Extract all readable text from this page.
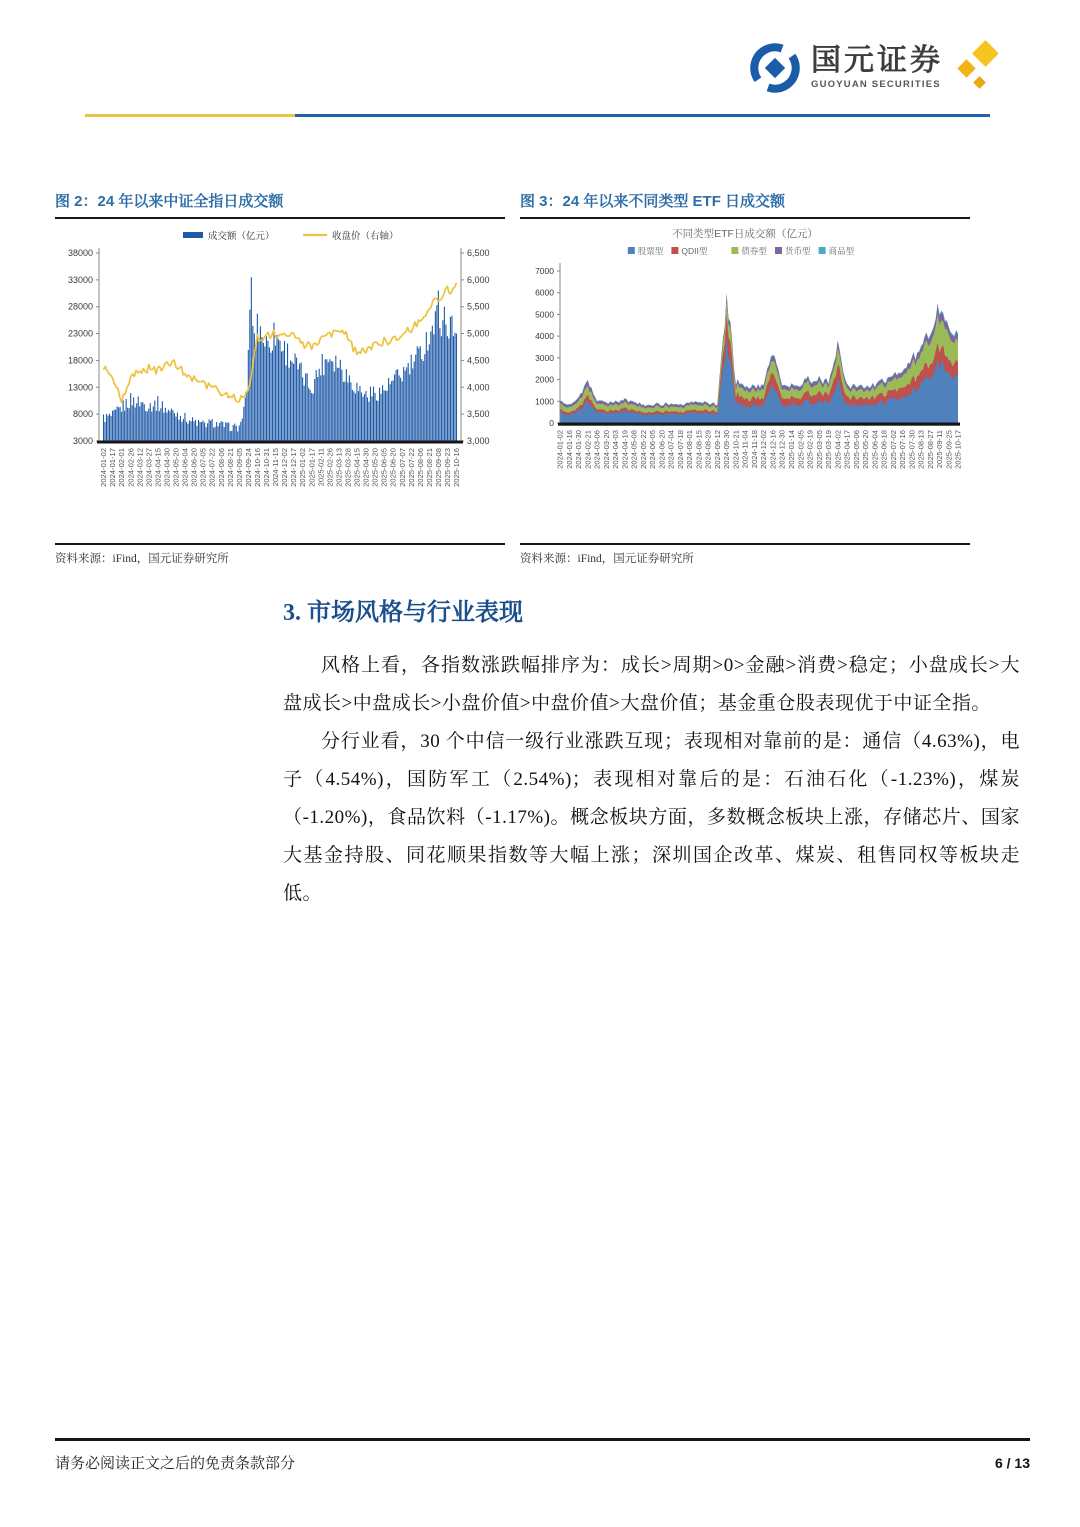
国元证券
GUOYUAN SECURITIES
图 2：24 年以来中证全指日成交额
3000
8000
13000
18000
23000
28000
33000
38000
3,000
3,500
4,000
4,500
5,000
5,500
6,000
6,500
2024-01-02 2024-01-17 2024-02-01 2024-02-26 2024-03-12 2024-03-27 2024-04-15 2024-04-30 2024-05-20 2024-06-04 2024-06-20 2024-07-05 2024-07-22 2024-08-06 2024-08-21 2024-09-05 2024-09-24 2024-10-16 2024-10-31 2024-11-15 2024-12-02 2024-12-17 2025-01-02 2025-01-17 2025-02-11 2025-02-26 2025-03-13 2025-03-28 2025-04-15 2025-04-30 2025-05-20 2025-06-05 2025-06-20 2025-07-07 2025-07-22 2025-08-06 2025-08-21 2025-09-08 2025-09-23 2025-10-16
成交额（亿元）	收盘价（右轴）
资料来源：iFind，国元证券研究所
图 3：24 年以来不同类型 ETF 日成交额
不同类型ETF日成交额（亿元）
股票型 QDII型	债券型 货币型 商品型
0
1000
2000
3000
4000
5000
6000
7000
2024-01-02 2024-01-16 2024-01-30 2024-02-21 2024-03-06 2024-03-20 2024-04-03 2024-04-19 2024-05-08 2024-05-22 2024-06-05 2024-06-20 2024-07-04 2024-07-18 2024-08-01 2024-08-15 2024-08-29 2024-09-12 2024-09-30 2024-10-21 2024-11-04 2024-11-18 2024-12-02 2024-12-16 2024-12-30 2025-01-14 2025-02-05 2025-02-19 2025-03-05 2025-03-19 2025-04-02 2025-04-17 2025-05-06 2025-05-20 2025-06-04 2025-06-18 2025-07-02 2025-07-16 2025-07-30 2025-08-13 2025-08-27 2025-09-11 2025-09-25 2025-10-17
资料来源：iFind，国元证券研究所
3. 市场风格与行业表现

风格上看，各指数涨跌幅排序为：成长>周期>0>金融>消费>稳定；小盘成长>大盘成长>中盘成长>小盘价值>中盘价值>大盘价值；基金重仓股表现优于中证全指。

分行业看，30 个中信一级行业涨跌互现；表现相对靠前的是：通信（4.63%)，电子（4.54%)，国防军工（2.54%)；表现相对靠后的是：石油石化（-1.23%)，煤炭（-1.20%)，食品饮料（-1.17%)。概念板块方面，多数概念板块上涨，存储芯片、国家大基金持股、同花顺果指数等大幅上涨；深圳国企改革、煤炭、租售同权等板块走低。

请务必阅读正文之后的免责条款部分	6 / 13
